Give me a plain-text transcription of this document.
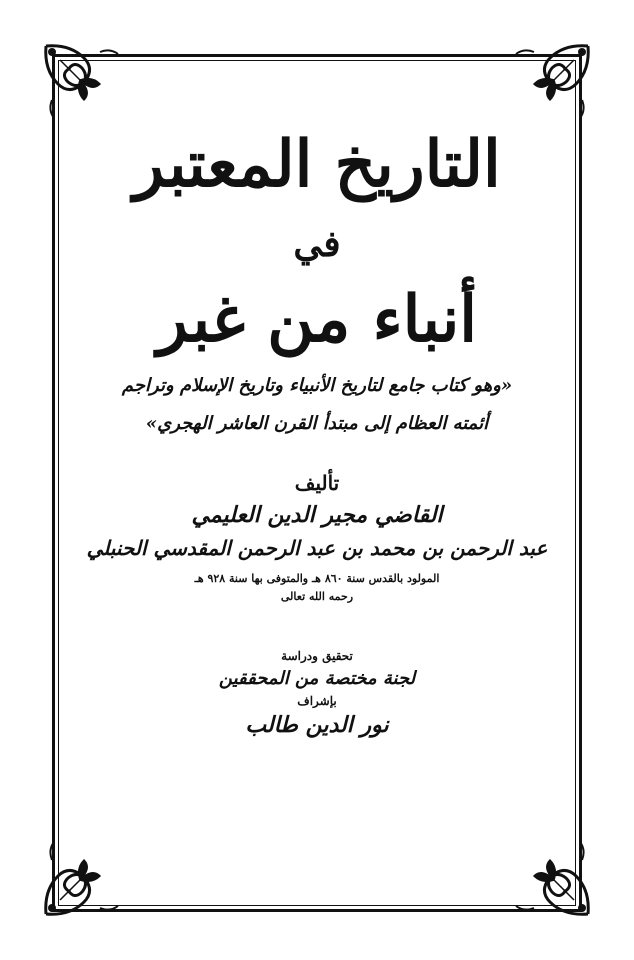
التاريخ المعتبر
في
أنباء من غبر
«وهو كتاب جامع لتاريخ الأنبياء وتاريخ الإسلام وتراجم
أئمته العظام إلى مبتدأ القرن العاشر الهجري»
تأليف
القاضي مجير الدين العليمي
عبد الرحمن بن محمد بن عبد الرحمن المقدسي الحنبلي
المولود بالقدس سنة ٨٦٠ هـ والمتوفى بها سنة ٩٢٨ هـ
رحمه الله تعالى
تحقيق ودراسة
لجنة مختصة من المحققين
بإشراف
نور الدين طالب
